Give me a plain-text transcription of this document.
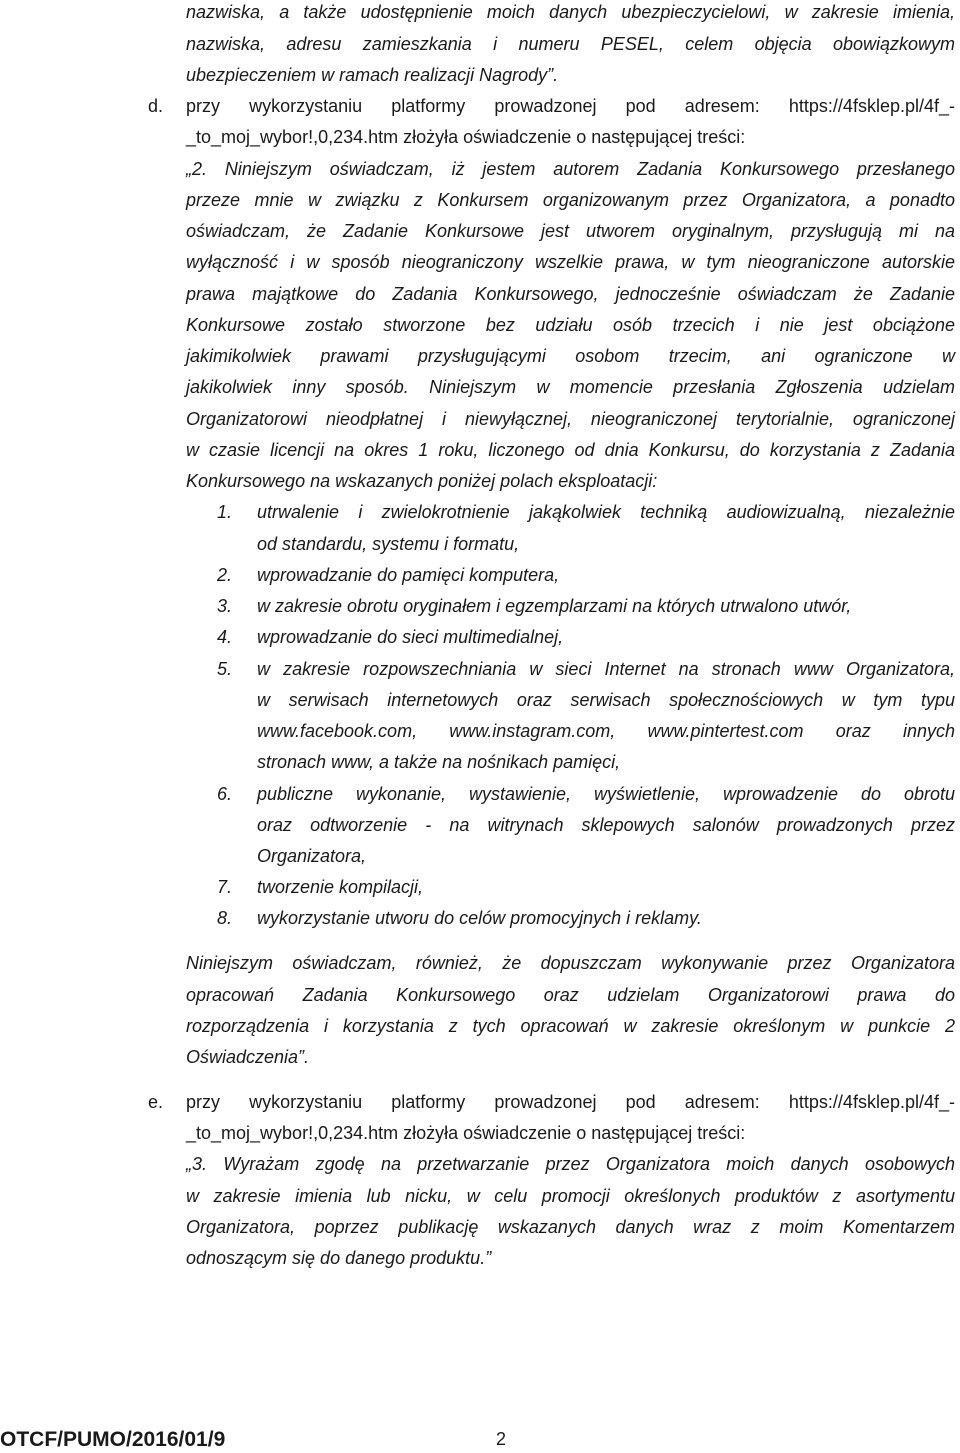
nazwiska, a także udostępnienie moich danych ubezpieczycielowi, w zakresie imienia,
nazwiska, adresu zamieszkania i numeru PESEL, celem objęcia obowiązkowym
ubezpieczeniem w ramach realizacji Nagrody”.
d. przy wykorzystaniu platformy prowadzonej pod adresem: https://4fsklep.pl/4f_-
_to_moj_wybor!,0,234.htm złożyła oświadczenie o następującej treści:
„2. Niniejszym oświadczam, iż jestem autorem Zadania Konkursowego przesłanego
przeze mnie w związku z Konkursem organizowanym przez Organizatora, a ponadto
oświadczam, że Zadanie Konkursowe jest utworem oryginalnym, przysługują mi na
wyłączność i w sposób nieograniczony wszelkie prawa, w tym nieograniczone autorskie
prawa majątkowe do Zadania Konkursowego, jednocześnie oświadczam że Zadanie
Konkursowe zostało stworzone bez udziału osób trzecich i nie jest obciążone
jakimikolwiek prawami przysługującymi osobom trzecim, ani ograniczone w
jakikolwiek inny sposób. Niniejszym w momencie przesłania Zgłoszenia udzielam
Organizatorowi nieodpłatnej i niewyłącznej, nieograniczonej terytorialnie, ograniczonej
w czasie licencji na okres 1 roku, liczonego od dnia Konkursu, do korzystania z Zadania
Konkursowego na wskazanych poniżej polach eksploatacji:
1. utrwalenie i zwielokrotnienie jakąkolwiek techniką audiowizualną, niezależnie
od standardu, systemu i formatu,
2. wprowadzanie do pamięci komputera,
3. w zakresie obrotu oryginałem i egzemplarzami na których utrwalono utwór,
4. wprowadzanie do sieci multimedialnej,
5. w zakresie rozpowszechniania w sieci Internet na stronach www Organizatora,
w serwisach internetowych oraz serwisach społecznościowych w tym typu
www.facebook.com, www.instagram.com, www.pintertest.com oraz innych
stronach www, a także na nośnikach pamięci,
6. publiczne wykonanie, wystawienie, wyświetlenie, wprowadzenie do obrotu
oraz odtworzenie - na witrynach sklepowych salonów prowadzonych przez
Organizatora,
7. tworzenie kompilacji,
8. wykorzystanie utworu do celów promocyjnych i reklamy.
Niniejszym oświadczam, również, że dopuszczam wykonywanie przez Organizatora
opracowań Zadania Konkursowego oraz udzielam Organizatorowi prawa do
rozporządzenia i korzystania z tych opracowań w zakresie określonym w punkcie 2
Oświadczenia”.
e. przy wykorzystaniu platformy prowadzonej pod adresem: https://4fsklep.pl/4f_-
_to_moj_wybor!,0,234.htm złożyła oświadczenie o następującej treści:
„3. Wyrażam zgodę na przetwarzanie przez Organizatora moich danych osobowych
w zakresie imienia lub nicku, w celu promocji określonych produktów z asortymentu
Organizatora, poprzez publikację wskazanych danych wraz z moim Komentarzem
odnoszącym się do danego produktu.”
OTCF/PUMO/2016/01/9	2
